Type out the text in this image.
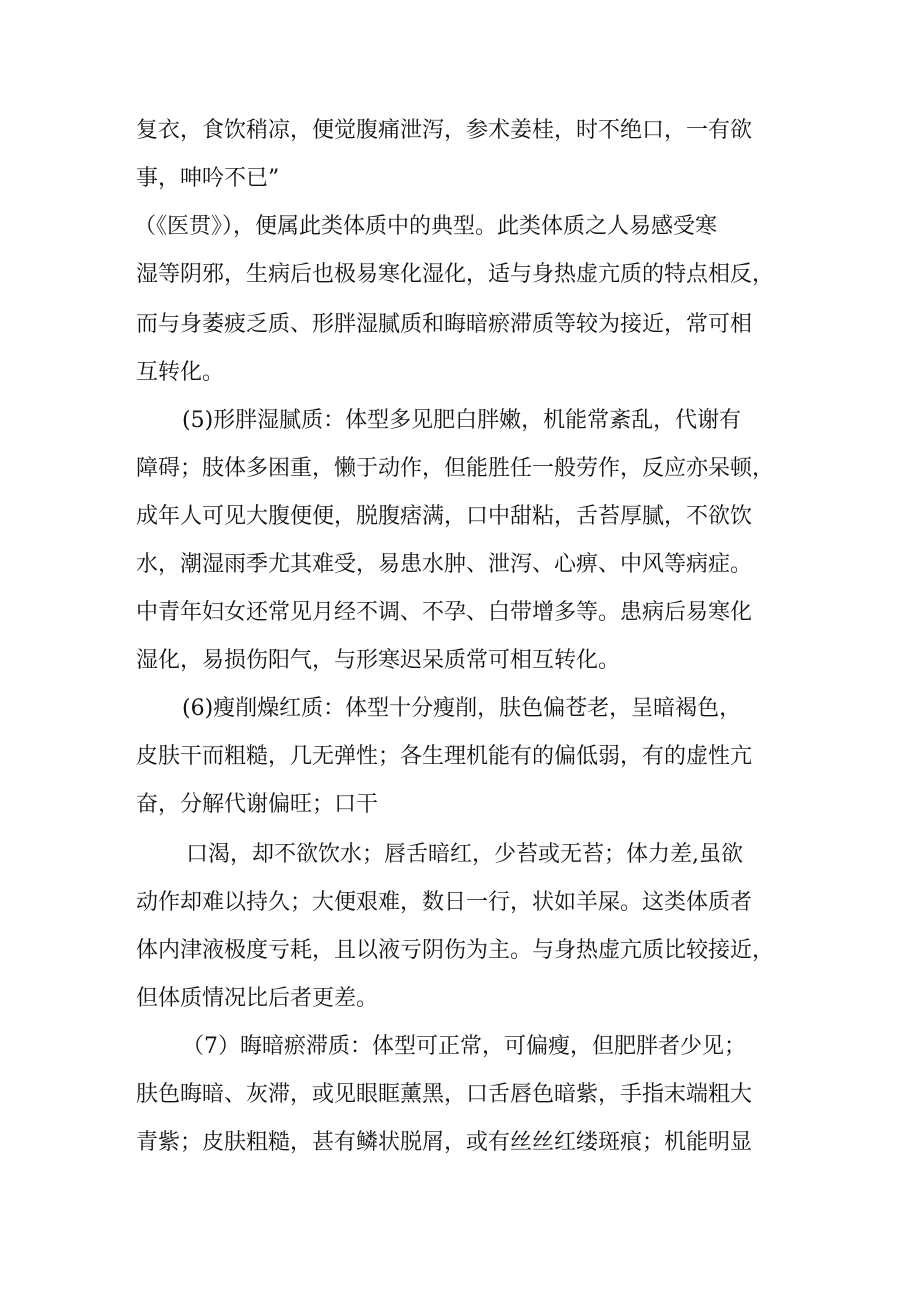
复衣，食饮稍凉，便觉腹痛泄泻，参术姜桂，时不绝口，一有欲
事，呻吟不已”
（《医贯》），便属此类体质中的典型。此类体质之人易感受寒
湿等阴邪，生病后也极易寒化湿化，适与身热虚亢质的特点相反，
而与身萎疲乏质、形胖湿腻质和晦暗瘀滞质等较为接近，常可相
互转化。
(5)形胖湿腻质：体型多见肥白胖嫩，机能常紊乱，代谢有
障碍；肢体多困重，懒于动作，但能胜任一般劳作，反应亦呆顿，
成年人可见大腹便便，脱腹痞满，口中甜粘，舌苔厚腻，不欲饮
水，潮湿雨季尤其难受，易患水肿、泄泻、心痹、中风等病症。
中青年妇女还常见月经不调、不孕、白带增多等。患病后易寒化
湿化，易损伤阳气，与形寒迟呆质常可相互转化。
(6)瘦削燥红质：体型十分瘦削，肤色偏苍老，呈暗褐色，
皮肤干而粗糙，几无弹性；各生理机能有的偏低弱，有的虚性亢
奋，分解代谢偏旺；口干
口渴，却不欲饮水；唇舌暗红，少苔或无苔；体力差,虽欲
动作却难以持久；大便艰难，数日一行，状如羊屎。这类体质者
体内津液极度亏耗，且以液亏阴伤为主。与身热虚亢质比较接近，
但体质情况比后者更差。
（7）晦暗瘀滞质：体型可正常，可偏瘦，但肥胖者少见；
肤色晦暗、灰滞，或见眼眶薰黑，口舌唇色暗紫，手指末端粗大
青紫；皮肤粗糙，甚有鳞状脱屑，或有丝丝红缕斑痕；机能明显
